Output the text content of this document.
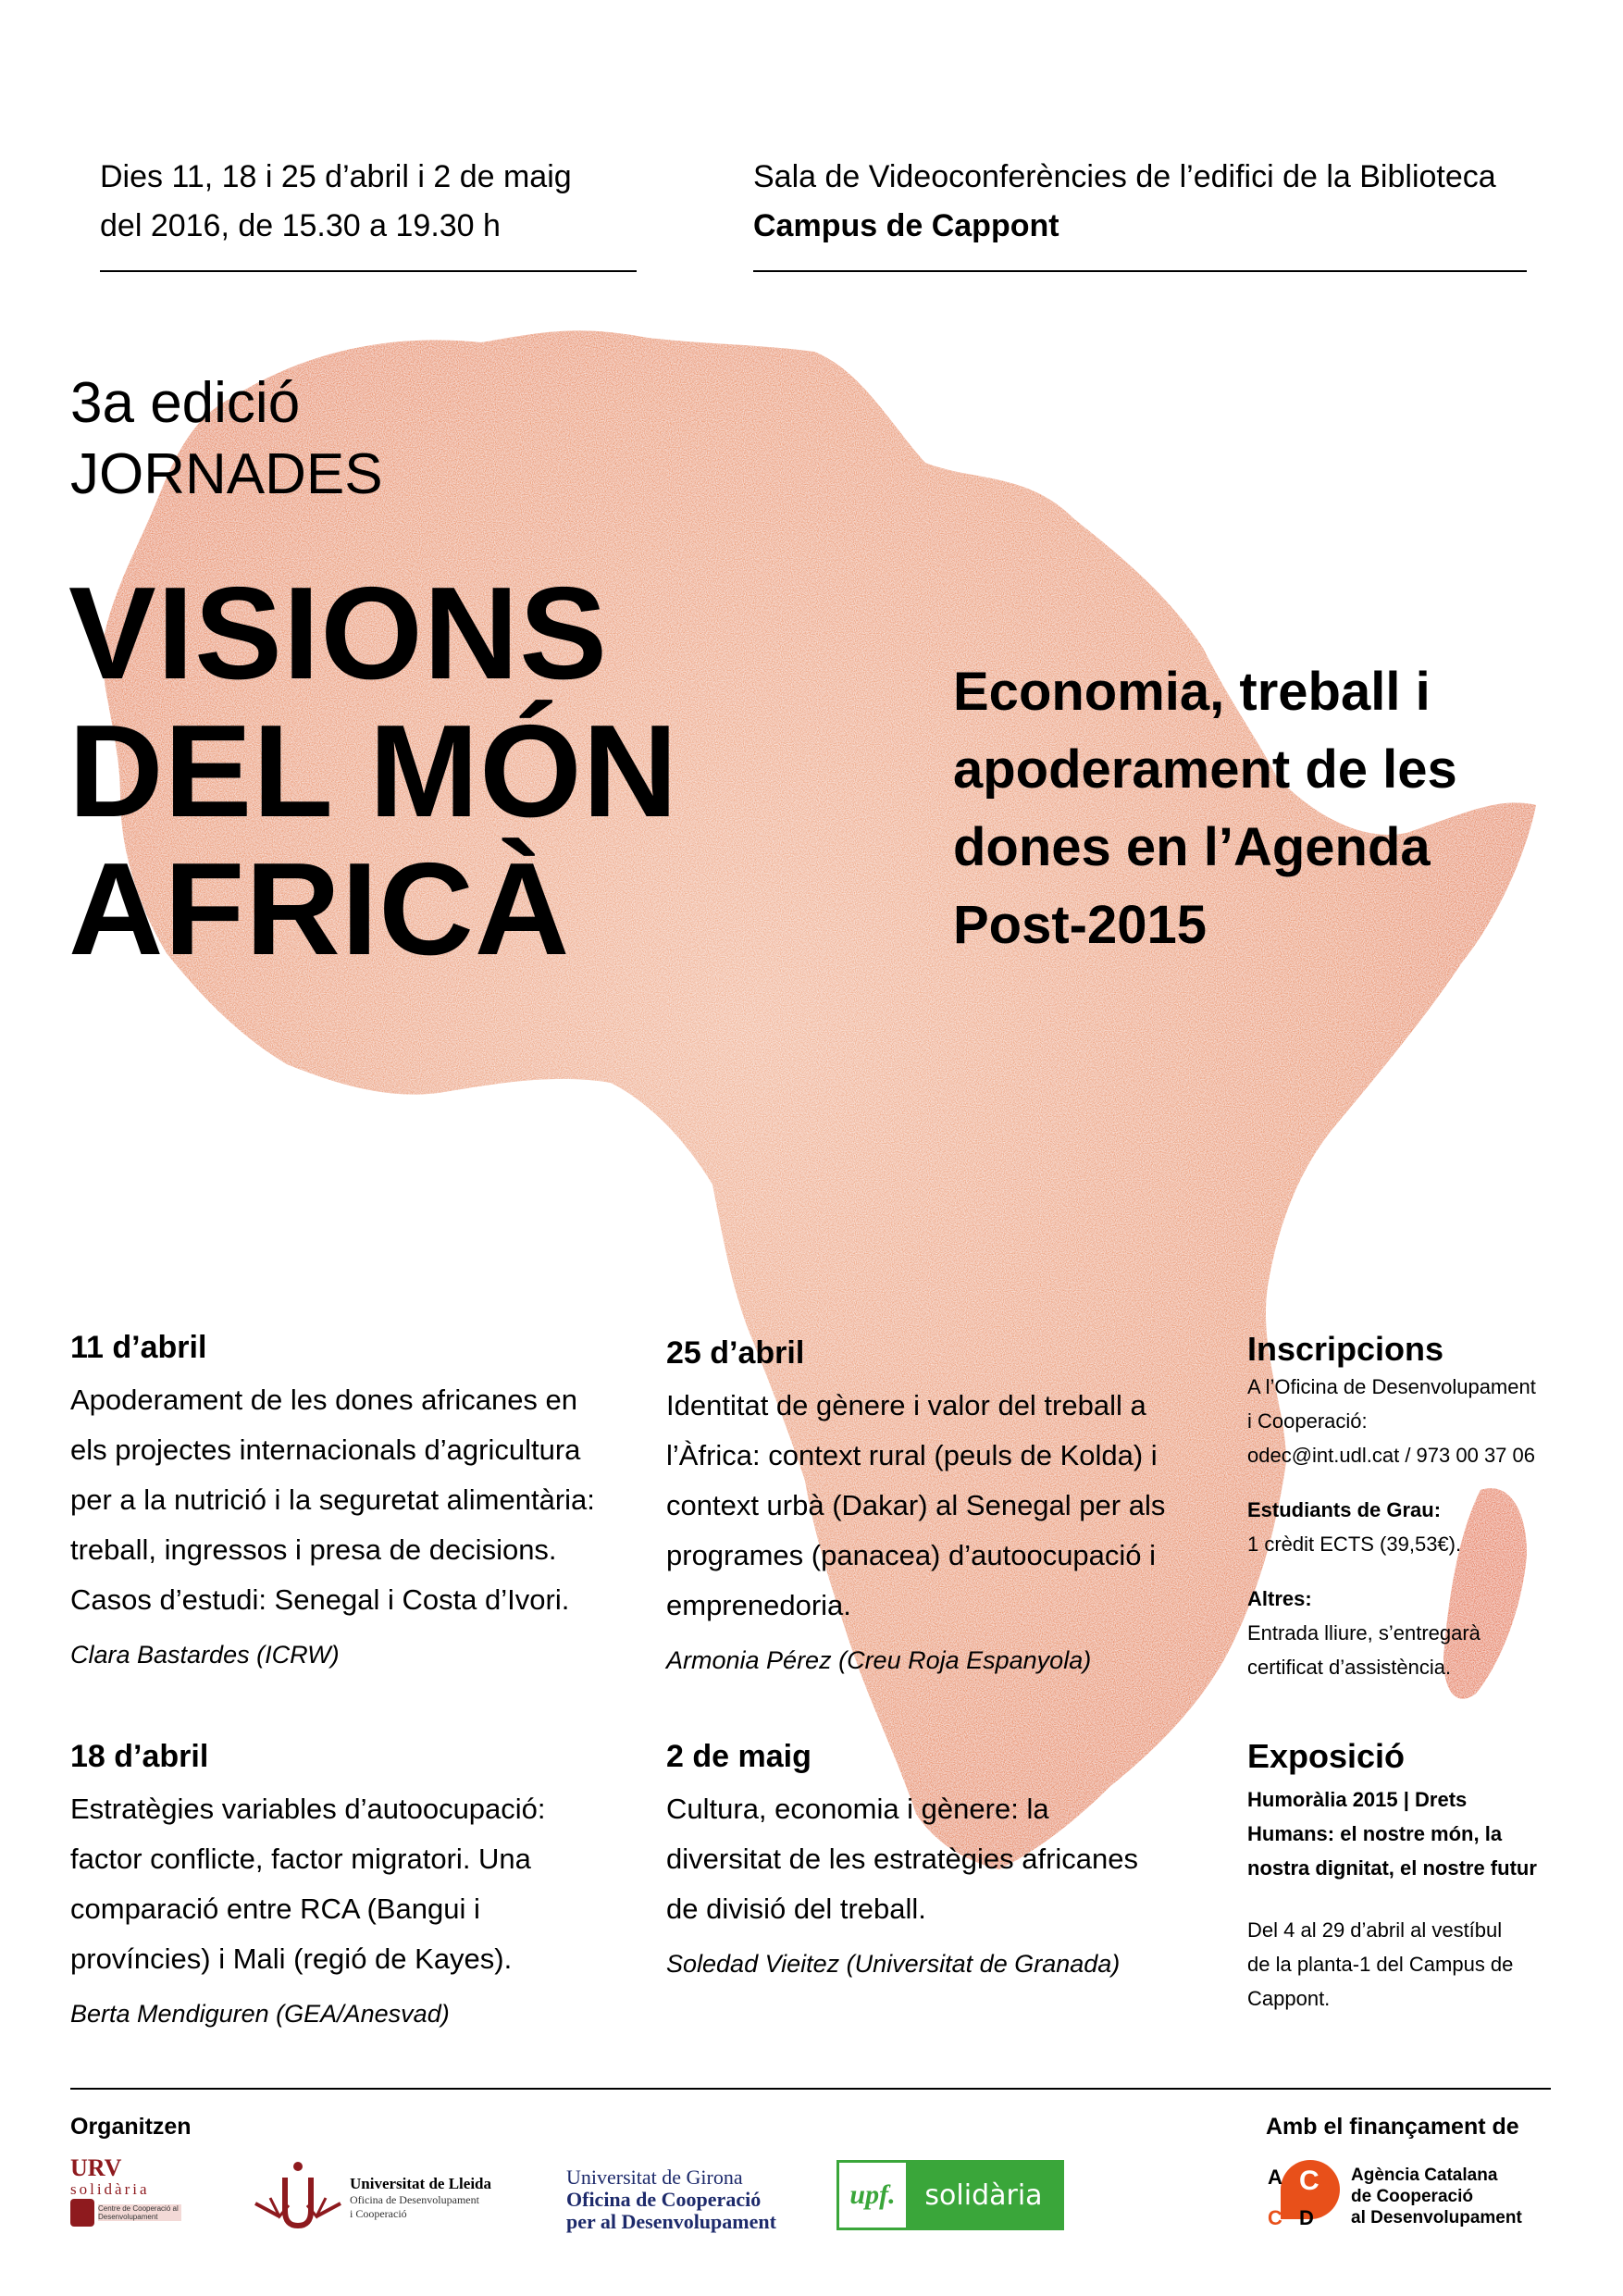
Dies 11, 18 i 25 d’abril i 2 de maig
del 2016, de 15.30 a 19.30 h
Sala de Videoconferències de l’edifici de la Biblioteca
Campus de Cappont
3a edició
JORNADES
VISIONS
DEL MÓN
AFRICÀ
Economia, treball i
apoderament de les
dones en l’Agenda
Post-2015
11 d’abril
Apoderament de les dones africanes en
els projectes internacionals d’agricultura
per a la nutrició i la seguretat alimentària:
treball, ingressos i presa de decisions.
Casos d’estudi: Senegal i Costa d’Ivori.
Clara Bastardes (ICRW)
25 d’abril
Identitat de gènere i valor del treball a
l’Àfrica: context rural (peuls de Kolda) i
context urbà (Dakar) al Senegal per als
programes (panacea) d’autoocupació i
emprenedoria.
Armonia Pérez (Creu Roja Espanyola)
18 d’abril
Estratègies variables d’autoocupació:
factor conflicte, factor migratori. Una
comparació entre RCA (Bangui i
províncies) i Mali (regió de Kayes).
Berta Mendiguren (GEA/Anesvad)
2 de maig
Cultura, economia i gènere: la
diversitat de les estratègies africanes
de divisió del treball.
Soledad Vieitez (Universitat de Granada)
Inscripcions
A l’Oficina de Desenvolupament
i Cooperació:
odec@int.udl.cat / 973 00 37 06
Estudiants de Grau:
1 crèdit ECTS (39,53€).
Altres:
Entrada lliure, s’entregarà
certificat d’assistència.
Exposició
Humoràlia 2015 | Drets
Humans: el nostre món, la
nostra dignitat, el nostre futur
Del 4 al 29 d’abril al vestíbul
de la planta-1 del Campus de
Cappont.
Organitzen	Amb el finançament de
URV
solidària
Centre de Cooperació al Desenvolupament
Universitat de Lleida
Oficina de Desenvolupament
i Cooperació
Universitat de Girona
Oficina de Cooperació
per al Desenvolupament
upf.	solidària
A C
C D
Agència Catalana
de Cooperació
al Desenvolupament
